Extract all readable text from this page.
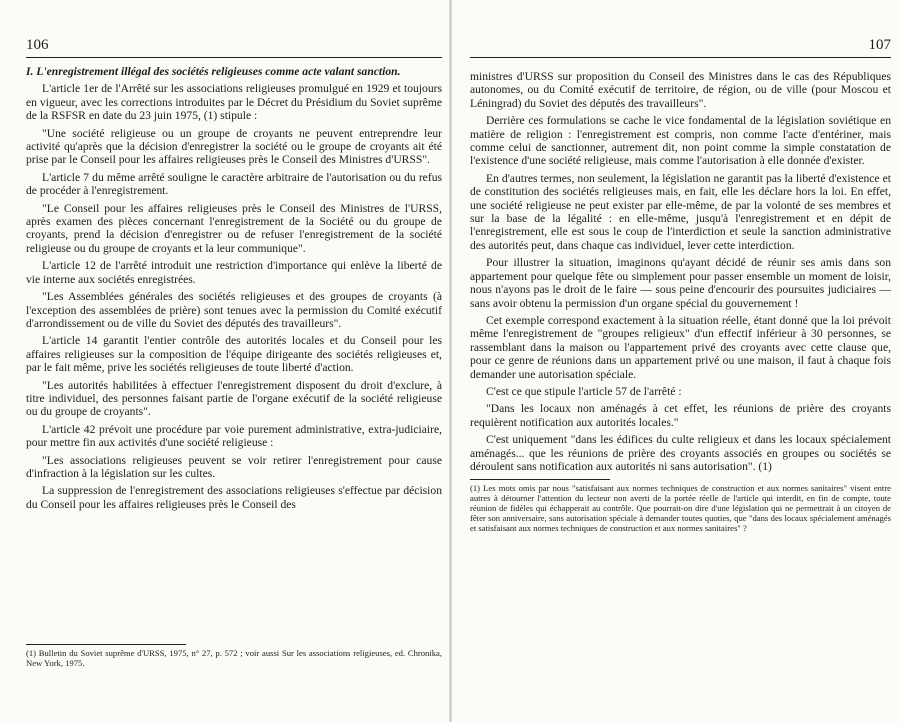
106

I. L'enregistrement illégal des sociétés religieuses comme acte valant sanction.

L'article 1er de l'Arrêté sur les associations religieuses promulgué en 1929 et toujours en vigueur, avec les corrections introduites par le Décret du Présidium du Soviet suprême de la RSFSR en date du 23 juin 1975, (1) stipule :

"Une société religieuse ou un groupe de croyants ne peuvent entreprendre leur activité qu'après que la décision d'enregistrer la société ou le groupe de croyants ait été prise par le Conseil pour les affaires religieuses près le Conseil des Ministres d'URSS".

L'article 7 du même arrêté souligne le caractère arbitraire de l'autorisation ou du refus de procéder à l'enregistrement.

"Le Conseil pour les affaires religieuses près le Conseil des Ministres de l'URSS, après examen des pièces concernant l'enregistrement de la Société ou du groupe de croyants, prend la décision d'enregistrer ou de refuser l'enregistrement de la société religieuse ou du groupe de croyants et la leur communique".

L'article 12 de l'arrêté introduit une restriction d'importance qui enlève la liberté de vie interne aux sociétés enregistrées.

"Les Assemblées générales des sociétés religieuses et des groupes de croyants (à l'exception des assemblées de prière) sont tenues avec la permission du Comité exécutif d'arrondissement ou de ville du Soviet des députés des travailleurs".

L'article 14 garantit l'entier contrôle des autorités locales et du Conseil pour les affaires religieuses sur la composition de l'équipe dirigeante des sociétés religieuses et, par le fait même, prive les sociétés religieuses de toute liberté d'action.

"Les autorités habilitées à effectuer l'enregistrement disposent du droit d'exclure, à titre individuel, des personnes faisant partie de l'organe exécutif de la société religieuse ou du groupe de croyants".

L'article 42 prévoit une procédure par voie purement administrative, extra-judiciaire, pour mettre fin aux activités d'une société religieuse :

"Les associations religieuses peuvent se voir retirer l'enregistrement pour cause d'infraction à la législation sur les cultes.

La suppression de l'enregistrement des associations religieuses s'effectue par décision du Conseil pour les affaires religieuses près le Conseil des

(1) Bulletin du Soviet suprême d'URSS, 1975, n° 27, p. 572 ; voir aussi Sur les associations religieuses, ed. Chronika, New York, 1975.

107

ministres d'URSS sur proposition du Conseil des Ministres dans le cas des Républiques autonomes, ou du Comité exécutif de territoire, de région, ou de ville (pour Moscou et Léningrad) du Soviet des députés des travailleurs".

Derrière ces formulations se cache le vice fondamental de la législation soviétique en matière de religion : l'enregistrement est compris, non comme l'acte d'entériner, mais comme celui de sanctionner, autrement dit, non point comme la simple constatation de l'existence d'une société religieuse, mais comme l'autorisation à elle donnée d'exister.

En d'autres termes, non seulement, la législation ne garantit pas la liberté d'existence et de constitution des sociétés religieuses mais, en fait, elle les déclare hors la loi. En effet, une société religieuse ne peut exister par elle-même, de par la volonté de ses membres et sur la base de la légalité : en elle-même, jusqu'à l'enregistrement et en dépit de l'enregistrement, elle est sous le coup de l'interdiction et seule la sanction administrative des autorités peut, dans chaque cas individuel, lever cette interdiction.

Pour illustrer la situation, imaginons qu'ayant décidé de réunir ses amis dans son appartement pour quelque fête ou simplement pour passer ensemble un moment de loisir, nous n'ayons pas le droit de le faire — sous peine d'encourir des poursuites judiciaires — sans avoir obtenu la permission d'un organe spécial du gouvernement !

Cet exemple correspond exactement à la situation réelle, étant donné que la loi prévoit même l'enregistrement de "groupes religieux" d'un effectif inférieur à 30 personnes, se rassemblant dans la maison ou l'appartement privé des croyants avec cette clause que, pour ce genre de réunions dans un appartement privé ou une maison, il faut à chaque fois demander une autorisation spéciale.

C'est ce que stipule l'article 57 de l'arrêté :

"Dans les locaux non aménagés à cet effet, les réunions de prière des croyants requièrent notification aux autorités locales."

C'est uniquement "dans les édifices du culte religieux et dans les locaux spécialement aménagés... que les réunions de prière des croyants associés en groupes ou sociétés se déroulent sans notification aux autorités ni sans autorisation". (1)

(1) Les mots omis par nous "satisfaisant aux normes techniques de construction et aux normes sanitaires" visent entre autres à détourner l'attention du lecteur non averti de la portée réelle de l'article qui interdit, en fin de compte, toute réunion de fidèles qui échapperait au contrôle. Que pourrait-on dire d'une législation qui ne permettrait à un citoyen de fêter son anniversaire, sans autorisation spéciale à demander toutes quoties, que "dans des locaux spécialement aménagés et satisfaisant aux normes techniques de construction et aux normes sanitaires" ?
